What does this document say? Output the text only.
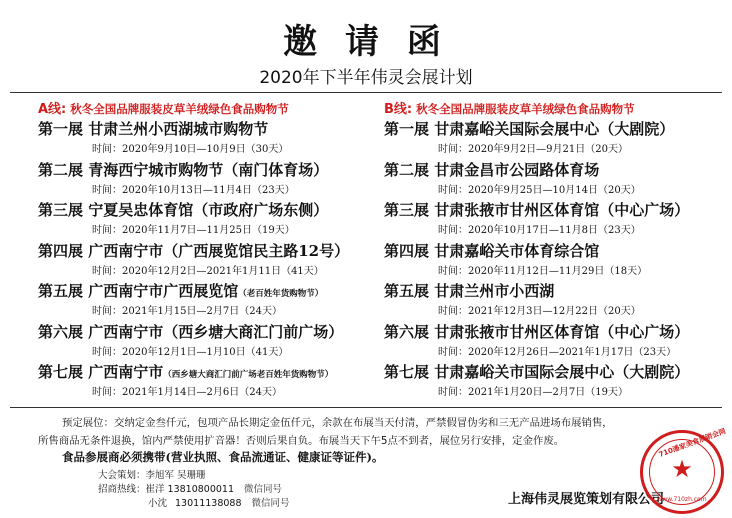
邀 请 函
2020年下半年伟灵会展计划
A线: 秋冬全国品牌服装皮草羊绒绿色食品购物节
第一展 甘肃兰州小西湖城市购物节
时间：2020年9月10日—10月9日（30天）
第二展 青海西宁城市购物节（南门体育场）
时间：2020年10月13日—11月4日（23天）
第三展 宁夏吴忠体育馆（市政府广场东侧）
时间：2020年11月7日—11月25日（19天）
第四展 广西南宁市（广西展览馆民主路12号）
时间：2020年12月2日—2021年1月11日（41天）
第五展 广西南宁市广西展览馆（老百姓年货购物节）
时间：2021年1月15日—2月7日（24天）
第六展 广西南宁市（西乡塘大商汇门前广场）
时间：2020年12月1日—1月10日（41天）
第七展 广西南宁市（西乡塘大商汇门前广场老百姓年货购物节）
时间：2021年1月14日—2月6日（24天）
B线: 秋冬全国品牌服装皮草羊绒绿色食品购物节
第一展 甘肃嘉峪关国际会展中心（大剧院）
时间：2020年9月2日—9月21日（20天）
第二展 甘肃金昌市公园路体育场
时间：2020年9月25日—10月14日（20天）
第三展 甘肃张掖市甘州区体育馆（中心广场）
时间：2020年10月17日—11月8日（23天）
第四展 甘肃嘉峪关市体育综合馆
时间：2020年11月12日—11月29日（18天）
第五展 甘肃兰州市小西湖
时间：2021年12月3日—12月22日（20天）
第六展 甘肃张掖市甘州区体育馆（中心广场）
时间：2020年12月26日—2021年1月17日（23天）
第七展 甘肃嘉峪关市国际会展中心（大剧院）
时间：2021年1月20日—2月7日（19天）
预定展位：交纳定金叁仟元，包项产品长期定金伍仟元，余款在布展当天付清，严禁假冒伪劣和三无产品进场布展销售，
所售商品无条件退换，馆内严禁使用扩音器！否则后果自负。布展当天下午5点不到者，展位另行安排，定金作废。
食品参展商必须携带(营业执照、食品流通证、健康证等证件)。
大会策划：李旭军 吴珊珊
招商热线：崔洋 13810800011 微信同号
小沈 13011138088 微信同号	上海伟灵展览策划有限公司
★
710潘家美食展销会网
www.710zh.com
